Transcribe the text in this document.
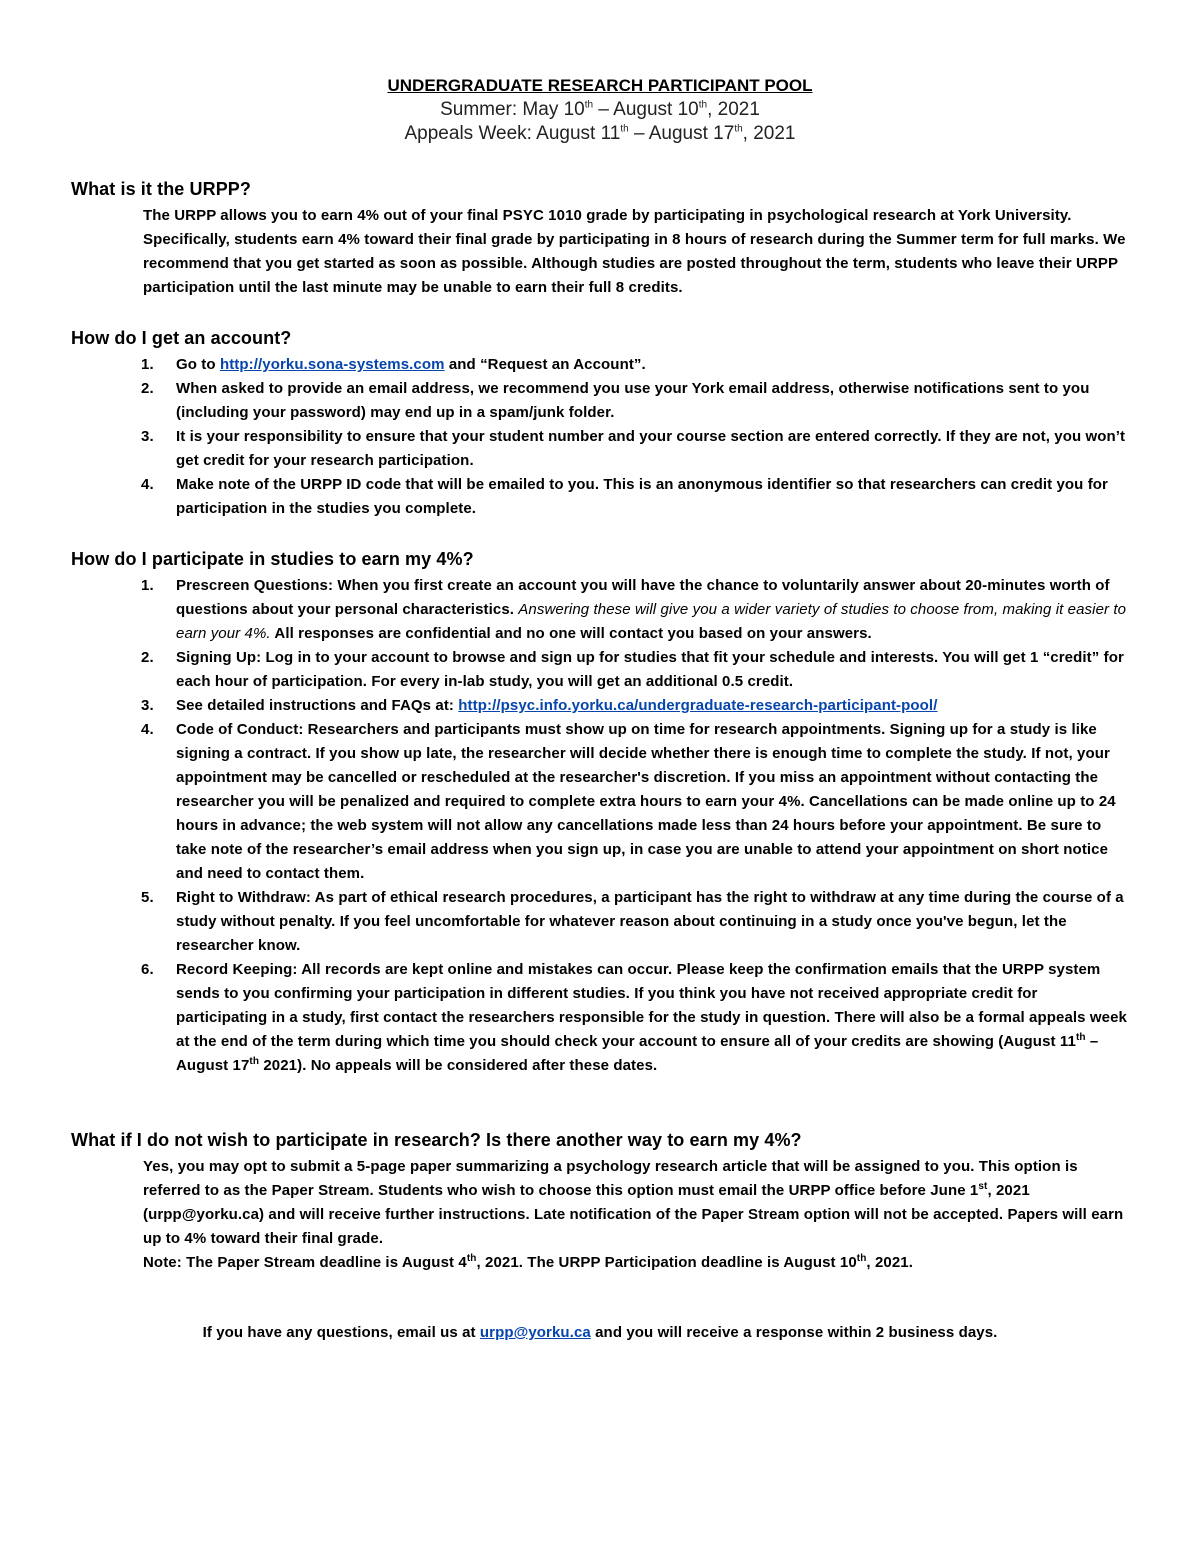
UNDERGRADUATE RESEARCH PARTICIPANT POOL

Summer: May 10th – August 10th, 2021

Appeals Week: August 11th – August 17th, 2021

What is it the URPP?

The URPP allows you to earn 4% out of your final PSYC 1010 grade by participating in psychological research at York University. Specifically, students earn 4% toward their final grade by participating in 8 hours of research during the Summer term for full marks. We recommend that you get started as soon as possible. Although studies are posted throughout the term, students who leave their URPP participation until the last minute may be unable to earn their full 8 credits.

How do I get an account?

1. Go to http://yorku.sona-systems.com and “Request an Account”.
2. When asked to provide an email address, we recommend you use your York email address, otherwise notifications sent to you (including your password) may end up in a spam/junk folder.
3. It is your responsibility to ensure that your student number and your course section are entered correctly. If they are not, you won’t get credit for your research participation.
4. Make note of the URPP ID code that will be emailed to you. This is an anonymous identifier so that researchers can credit you for participation in the studies you complete.

How do I participate in studies to earn my 4%?

1. Prescreen Questions: When you first create an account you will have the chance to voluntarily answer about 20-minutes worth of questions about your personal characteristics. Answering these will give you a wider variety of studies to choose from, making it easier to earn your 4%. All responses are confidential and no one will contact you based on your answers.
2. Signing Up: Log in to your account to browse and sign up for studies that fit your schedule and interests. You will get 1 “credit” for each hour of participation. For every in-lab study, you will get an additional 0.5 credit.
3. See detailed instructions and FAQs at: http://psyc.info.yorku.ca/undergraduate-research-participant-pool/
4. Code of Conduct: Researchers and participants must show up on time for research appointments. Signing up for a study is like signing a contract. If you show up late, the researcher will decide whether there is enough time to complete the study. If not, your appointment may be cancelled or rescheduled at the researcher's discretion. If you miss an appointment without contacting the researcher you will be penalized and required to complete extra hours to earn your 4%. Cancellations can be made online up to 24 hours in advance; the web system will not allow any cancellations made less than 24 hours before your appointment. Be sure to take note of the researcher’s email address when you sign up, in case you are unable to attend your appointment on short notice and need to contact them.
5. Right to Withdraw: As part of ethical research procedures, a participant has the right to withdraw at any time during the course of a study without penalty. If you feel uncomfortable for whatever reason about continuing in a study once you've begun, let the researcher know.
6. Record Keeping: All records are kept online and mistakes can occur. Please keep the confirmation emails that the URPP system sends to you confirming your participation in different studies. If you think you have not received appropriate credit for participating in a study, first contact the researchers responsible for the study in question. There will also be a formal appeals week at the end of the term during which time you should check your account to ensure all of your credits are showing (August 11th – August 17th 2021). No appeals will be considered after these dates.

What if I do not wish to participate in research? Is there another way to earn my 4%?

Yes, you may opt to submit a 5-page paper summarizing a psychology research article that will be assigned to you. This option is referred to as the Paper Stream. Students who wish to choose this option must email the URPP office before June 1st, 2021 (urpp@yorku.ca) and will receive further instructions. Late notification of the Paper Stream option will not be accepted. Papers will earn up to 4% toward their final grade.

Note: The Paper Stream deadline is August 4th, 2021. The URPP Participation deadline is August 10th, 2021.

If you have any questions, email us at urpp@yorku.ca and you will receive a response within 2 business days.
